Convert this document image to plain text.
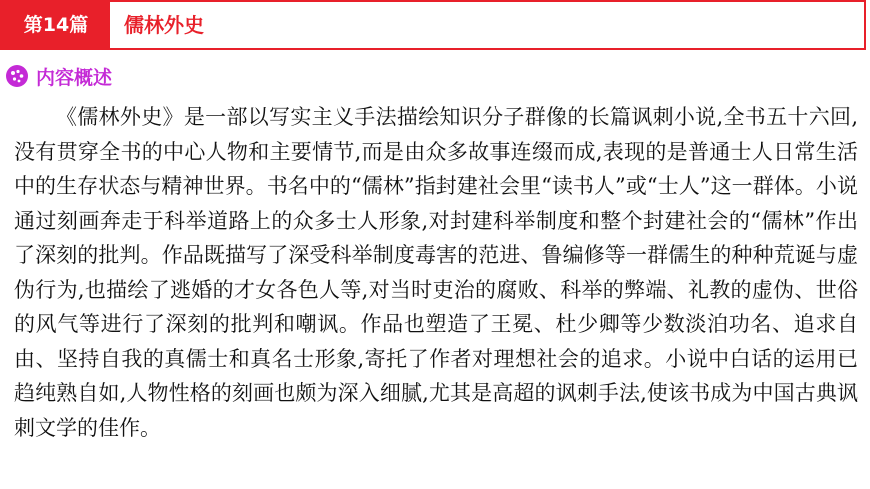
第14篇	儒林外史
内容概述

《儒林外史》是一部以写实主义手法描绘知识分子群像的长篇讽刺小说,全书五十六回,没有贯穿全书的中心人物和主要情节,而是由众多故事连缀而成,表现的是普通士人日常生活中的生存状态与精神世界。书名中的“儒林”指封建社会里“读书人”或“士人”这一群体。小说通过刻画奔走于科举道路上的众多士人形象,对封建科举制度和整个封建社会的“儒林”作出了深刻的批判。作品既描写了深受科举制度毒害的范进、鲁编修等一群儒生的种种荒诞与虚伪行为,也描绘了逃婚的才女各色人等,对当时吏治的腐败、科举的弊端、礼教的虚伪、世俗的风气等进行了深刻的批判和嘲讽。作品也塑造了王冕、杜少卿等少数淡泊功名、追求自由、坚持自我的真儒士和真名士形象,寄托了作者对理想社会的追求。小说中白话的运用已趋纯熟自如,人物性格的刻画也颇为深入细腻,尤其是高超的讽刺手法,使该书成为中国古典讽刺文学的佳作。
